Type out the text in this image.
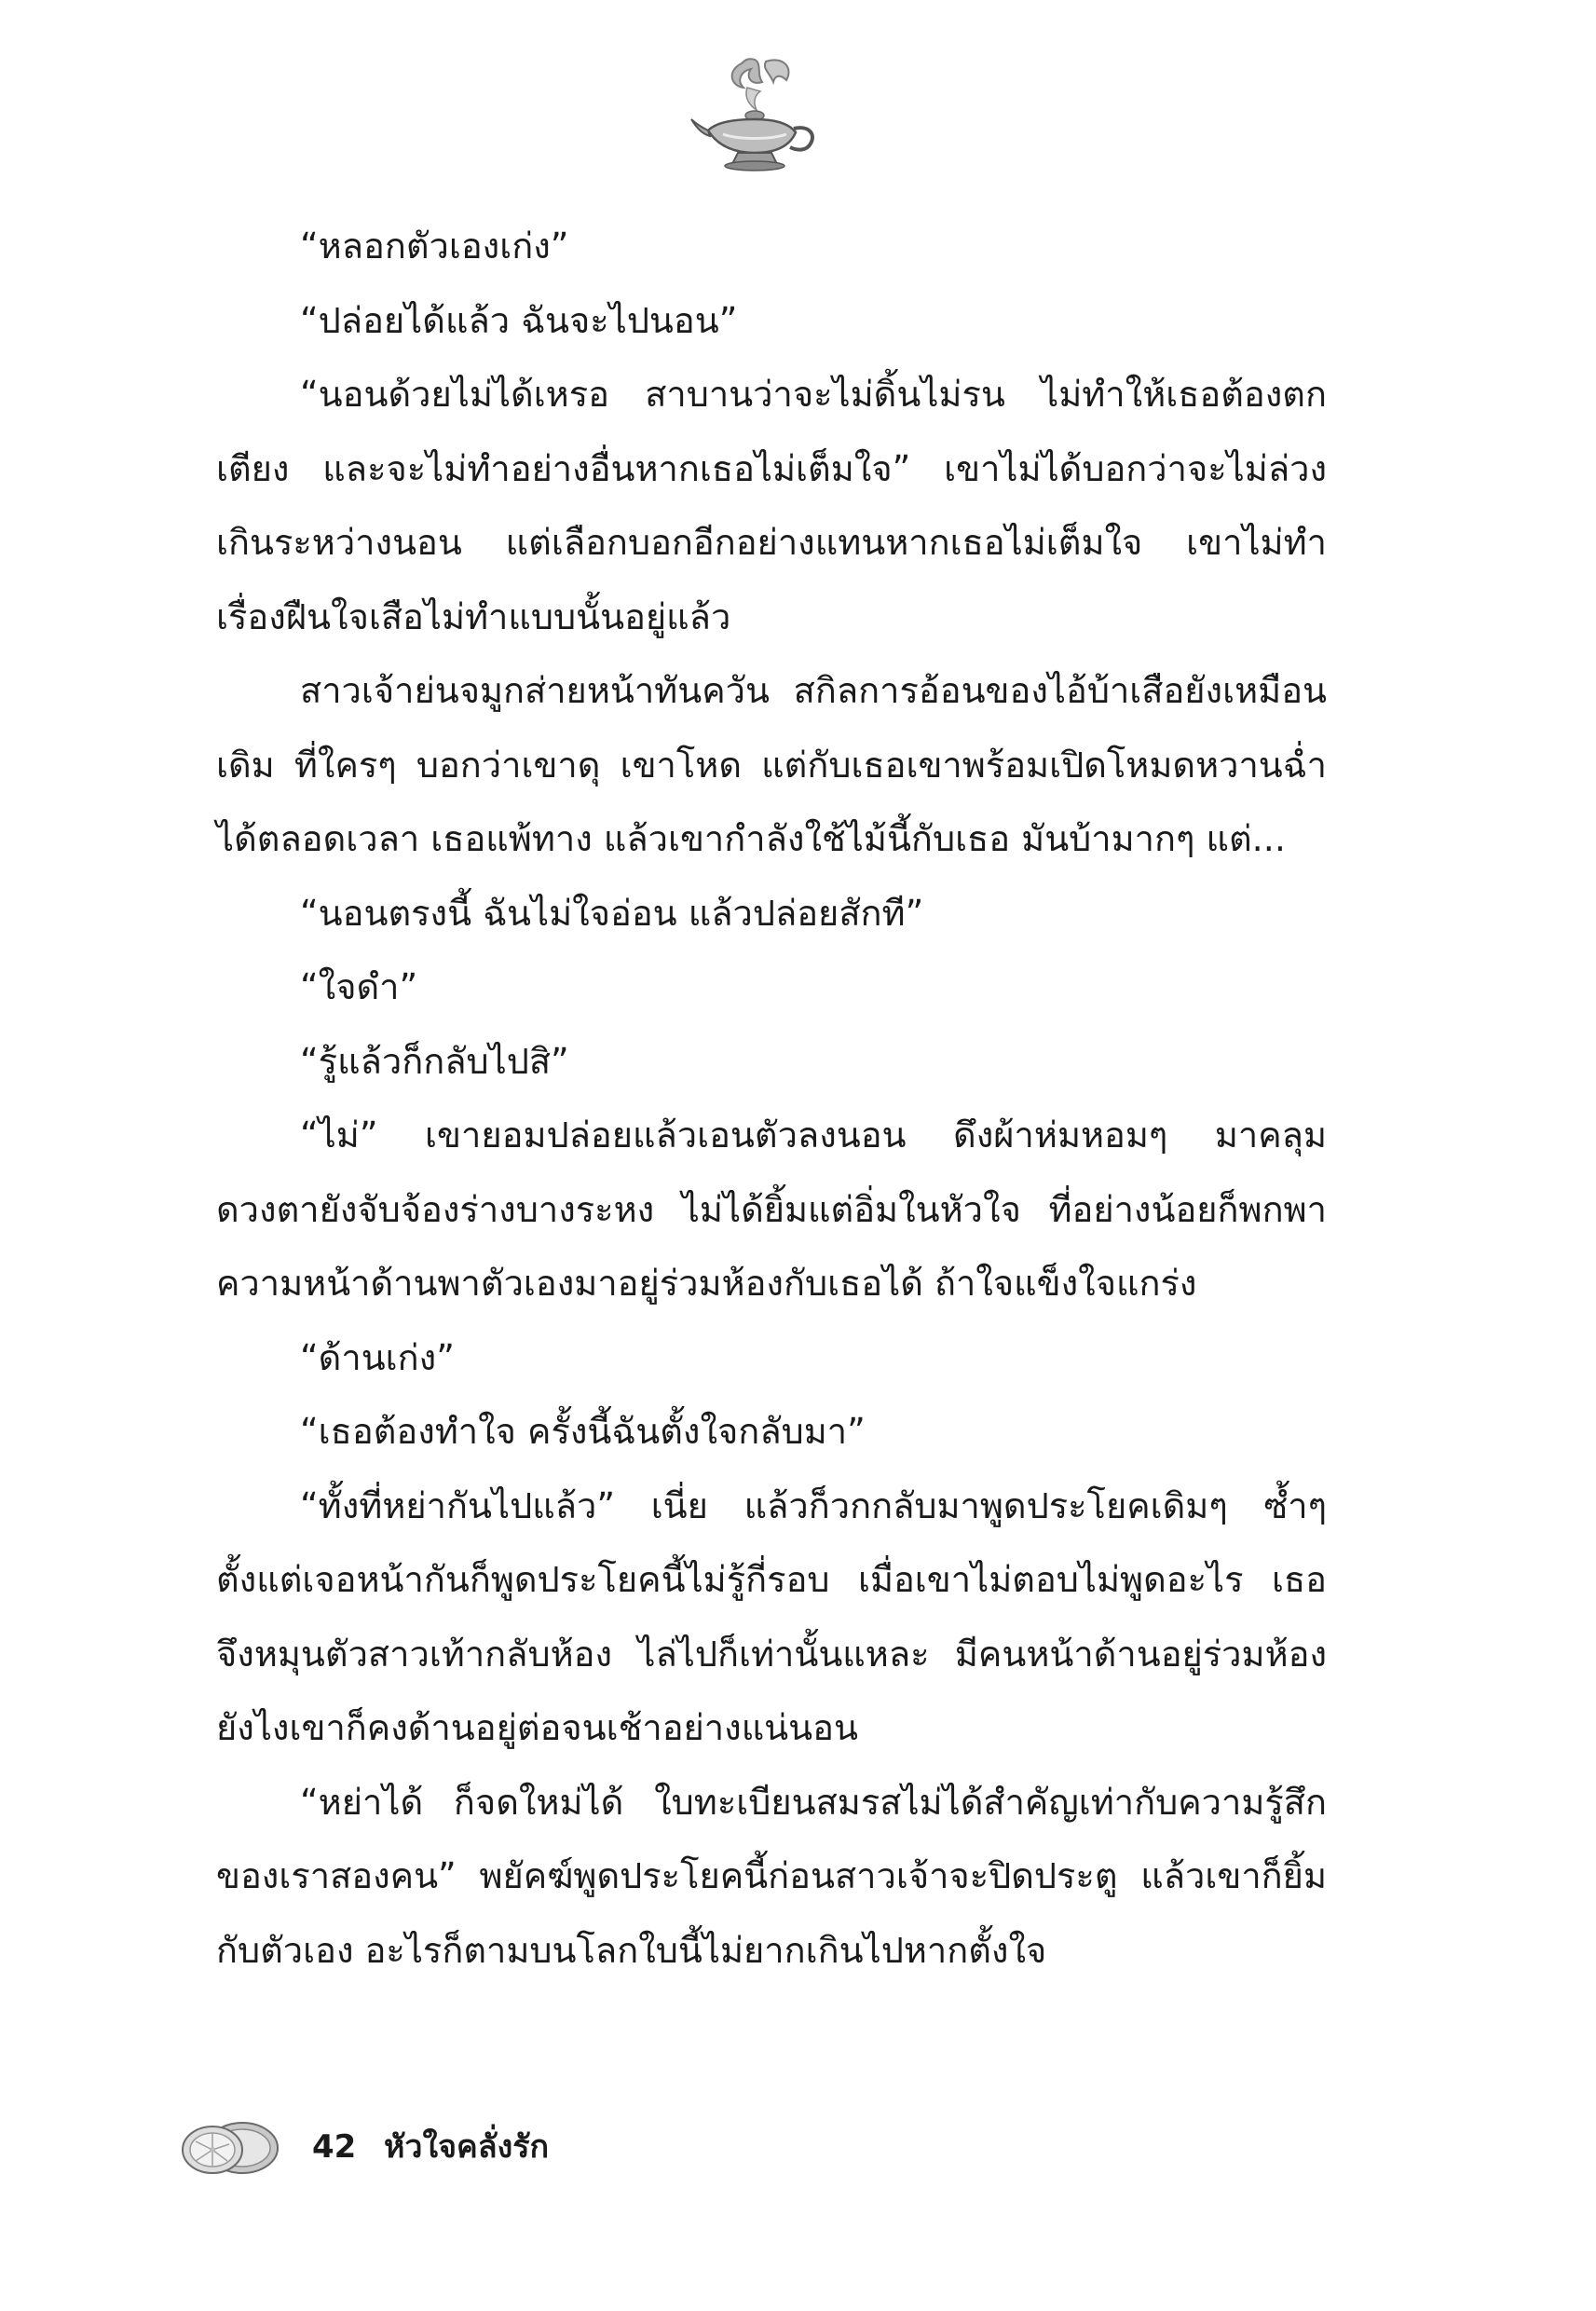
“หลอกตัวเองเก่ง”

“ปล่อยได้แล้ว ฉันจะไปนอน”

“นอนด้วยไม่ได้เหรอ สาบานว่าจะไม่ดิ้นไม่รน ไม่ทำให้เธอต้องตกเตียง และจะไม่ทำอย่างอื่นหากเธอไม่เต็มใจ” เขาไม่ได้บอกว่าจะไม่ล่วงเกินระหว่างนอน แต่เลือกบอกอีกอย่างแทนหากเธอไม่เต็มใจ เขาไม่ทำ เรื่องฝืนใจเสือไม่ทำแบบนั้นอยู่แล้ว

สาวเจ้าย่นจมูกส่ายหน้าทันควัน สกิลการอ้อนของไอ้บ้าเสือยังเหมือนเดิม ที่ใครๆ บอกว่าเขาดุ เขาโหด แต่กับเธอเขาพร้อมเปิดโหมดหวานฉ่ำได้ตลอดเวลา เธอแพ้ทาง แล้วเขากำลังใช้ไม้นี้กับเธอ มันบ้ามากๆ แต่...

“นอนตรงนี้ ฉันไม่ใจอ่อน แล้วปล่อยสักที”

“ใจดำ”

“รู้แล้วก็กลับไปสิ”

“ไม่” เขายอมปล่อยแล้วเอนตัวลงนอน ดึงผ้าห่มหอมๆ มาคลุม ดวงตายังจับจ้องร่างบางระหง ไม่ได้ยิ้มแต่อิ่มในหัวใจ ที่อย่างน้อยก็พกพาความหน้าด้านพาตัวเองมาอยู่ร่วมห้องกับเธอได้ ถ้าใจแข็งใจแกร่ง

“ด้านเก่ง”

“เธอต้องทำใจ ครั้งนี้ฉันตั้งใจกลับมา”

“ทั้งที่หย่ากันไปแล้ว” เนี่ย แล้วก็วกกลับมาพูดประโยคเดิมๆ ซ้ำๆ ตั้งแต่เจอหน้ากันก็พูดประโยคนี้ไม่รู้กี่รอบ เมื่อเขาไม่ตอบไม่พูดอะไร เธอจึงหมุนตัวสาวเท้ากลับห้อง ไล่ไปก็เท่านั้นแหละ มีคนหน้าด้านอยู่ร่วมห้องยังไงเขาก็คงด้านอยู่ต่อจนเช้าอย่างแน่นอน

“หย่าได้ ก็จดใหม่ได้ ใบทะเบียนสมรสไม่ได้สำคัญเท่ากับความรู้สึกของเราสองคน” พยัคฆ์พูดประโยคนี้ก่อนสาวเจ้าจะปิดประตู แล้วเขาก็ยิ้มกับตัวเอง อะไรก็ตามบนโลกใบนี้ไม่ยากเกินไปหากตั้งใจ

42 หัวใจคลั่งรัก
